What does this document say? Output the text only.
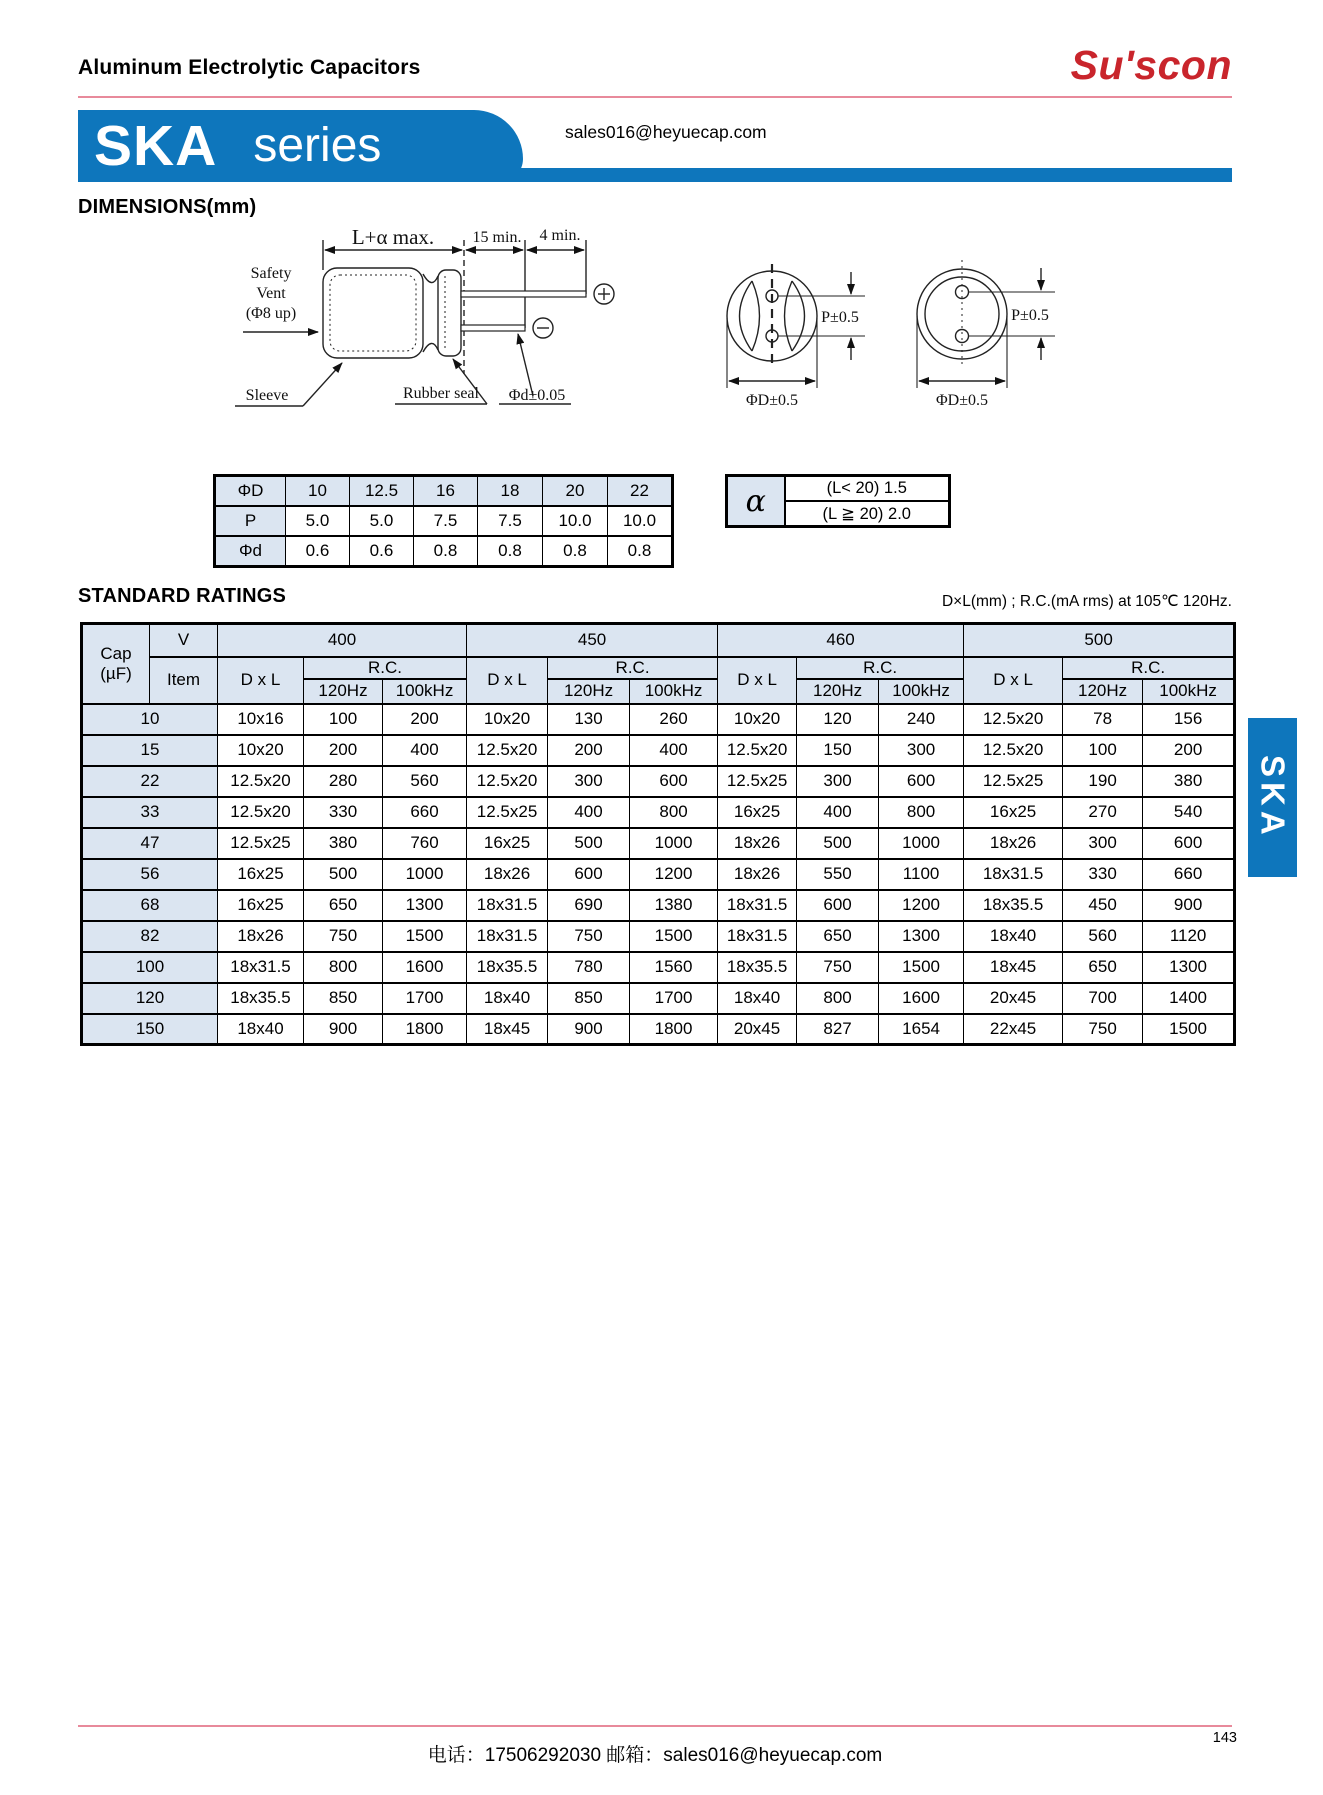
Aluminum Electrolytic Capacitors	Su'scon
SKA series	sales016@heyuecap.com
DIMENSIONS(mm)
L+α max. 15 min. 4 min.
Safety
Vent
(Φ8 up)
Sleeve	Rubber seal Φd±0.05
P±0.5
ΦD±0.5
P±0.5
ΦD±0.5
ΦD	10	12.5	16	18	20	22
P	5.0	5.0	7.5	7.5	10.0	10.0
Φd	0.6	0.6	0.8	0.8	0.8	0.8
α	(L< 20) 1.5
(L ≧ 20) 2.0
STANDARD RATINGS	D×L(mm) ; R.C.(mA rms) at 105℃ 120Hz.
Cap
(µF)	V	400			450			460			500		
	Item	D x L	R.C.		D x L	R.C.		D x L	R.C.		D x L	R.C.	
			120Hz	100kHz		120Hz	100kHz		120Hz	100kHz		120Hz	100kHz
10		10x16	100	200	10x20	130	260	10x20	120	240	12.5x20	78	156
15		10x20	200	400	12.5x20	200	400	12.5x20	150	300	12.5x20	100	200
22		12.5x20	280	560	12.5x20	300	600	12.5x25	300	600	12.5x25	190	380
33		12.5x20	330	660	12.5x25	400	800	16x25	400	800	16x25	270	540
47		12.5x25	380	760	16x25	500	1000	18x26	500	1000	18x26	300	600
56		16x25	500	1000	18x26	600	1200	18x26	550	1100	18x31.5	330	660
68		16x25	650	1300	18x31.5	690	1380	18x31.5	600	1200	18x35.5	450	900
82		18x26	750	1500	18x31.5	750	1500	18x31.5	650	1300	18x40	560	1120
100		18x31.5	800	1600	18x35.5	780	1560	18x35.5	750	1500	18x45	650	1300
120		18x35.5	850	1700	18x40	850	1700	18x40	800	1600	20x45	700	1400
150		18x40	900	1800	18x45	900	1800	20x45	827	1654	22x45	750	1500
SKA
电话：17506292030 邮箱：sales016@heyuecap.com
143
